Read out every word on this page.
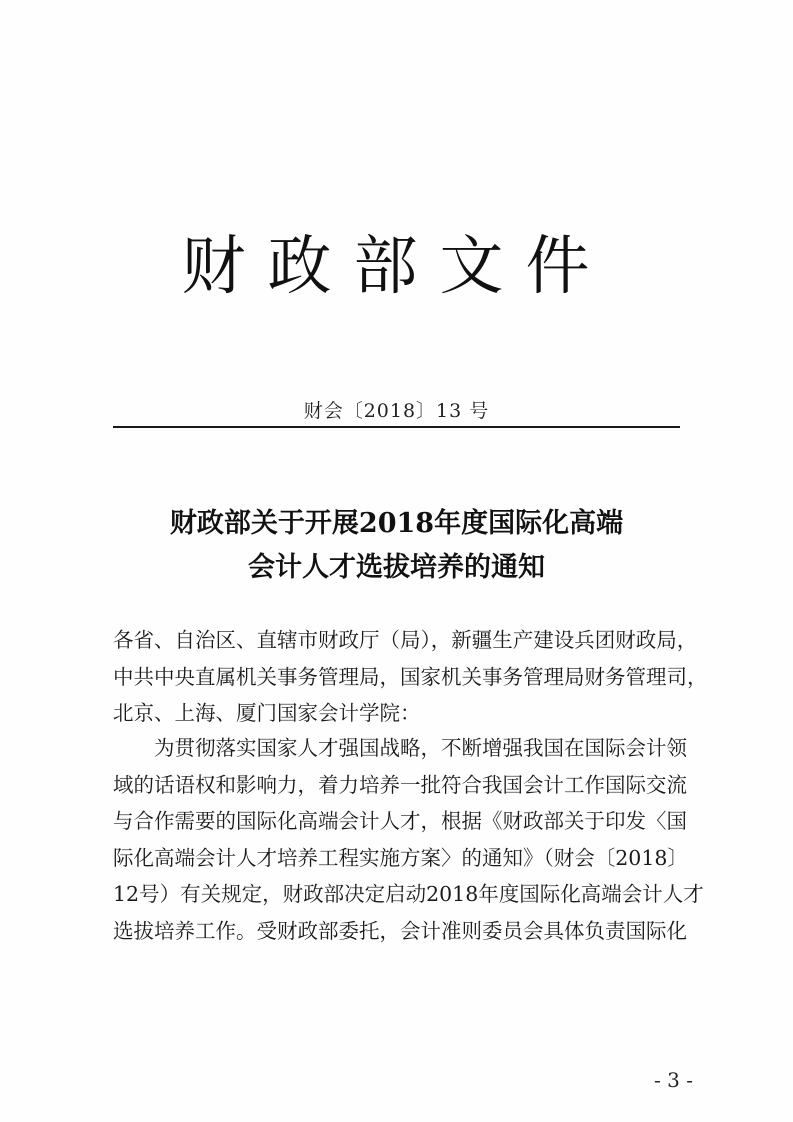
财政部文件
财会〔2018〕13 号
财政部关于开展2018年度国际化高端
会计人才选拔培养的通知
各省、自治区、直辖市财政厅（局），新疆生产建设兵团财政局，
中共中央直属机关事务管理局，国家机关事务管理局财务管理司，
北京、上海、厦门国家会计学院：
为贯彻落实国家人才强国战略，不断增强我国在国际会计领
域的话语权和影响力，着力培养一批符合我国会计工作国际交流
与合作需要的国际化高端会计人才，根据《财政部关于印发〈国
际化高端会计人才培养工程实施方案〉的通知》（财会〔2018〕
12号）有关规定，财政部决定启动2018年度国际化高端会计人才
选拔培养工作。受财政部委托，会计准则委员会具体负责国际化
- 3 -
